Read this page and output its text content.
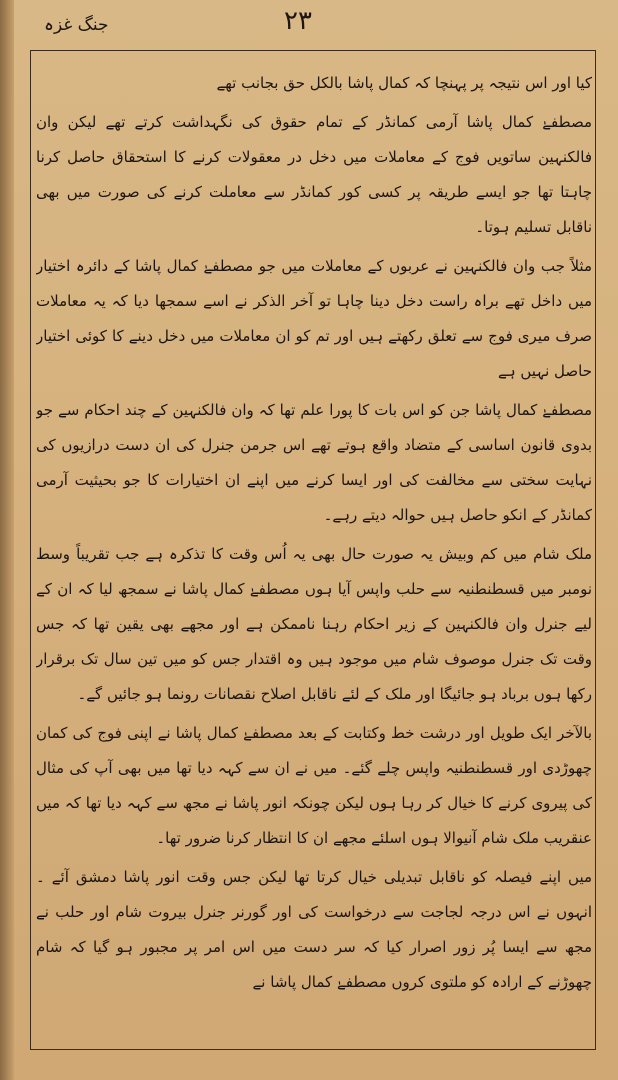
جنگ غزہ	۲۳

کیا اور اس نتیجہ پر پہنچا کہ کمال پاشا بالکل حق بجانب تھے

مصطفےٰ کمال پاشا آرمی کمانڈر کے تمام حقوق کی نگہداشت کرتے تھے لیکن وان فالکنہین ساتویں فوج کے معاملات میں دخل در معقولات کرنے کا استحقاق حاصل کرنا چاہتا تھا جو ایسے طریقہ پر کسی کور کمانڈر سے معاملت کرنے کی صورت میں بھی ناقابل تسلیم ہوتا۔

مثلاً جب وان فالکنہین نے عربوں کے معاملات میں جو مصطفےٰ کمال پاشا کے دائرہ اختیار میں داخل تھے براہ راست دخل دینا چاہا تو آخر الذکر نے اسے سمجھا دیا کہ یہ معاملات صرف میری فوج سے تعلق رکھتے ہیں اور تم کو ان معاملات میں دخل دینے کا کوئی اختیار حاصل نہیں ہے

مصطفےٰ کمال پاشا جن کو اس بات کا پورا علم تھا کہ وان فالکنہین کے چند احکام سے جو بدوی قانون اساسی کے متضاد واقع ہوتے تھے اس جرمن جنرل کی ان دست درازیوں کی نہایت سختی سے مخالفت کی اور ایسا کرنے میں اپنے ان اختیارات کا جو بحیثیت آرمی کمانڈر کے انکو حاصل ہیں حوالہ دیتے رہے۔

ملک شام میں کم وبیش یہ صورت حال بھی یہ اُس وقت کا تذکرہ ہے جب تقریباً وسط نومبر میں قسطنطنیہ سے حلب واپس آیا ہوں مصطفےٰ کمال پاشا نے سمجھ لیا کہ ان کے لیے جنرل وان فالکنہین کے زیر احکام رہنا ناممکن ہے اور مجھے بھی یقین تھا کہ جس وقت تک جنرل موصوف شام میں موجود ہیں وہ اقتدار جس کو میں تین سال تک برقرار رکھا ہوں برباد ہو جائیگا اور ملک کے لئے ناقابل اصلاح نقصانات رونما ہو جائیں گے۔

بالآخر ایک طویل اور درشت خط وکتابت کے بعد مصطفےٰ کمال پاشا نے اپنی فوج کی کمان چھوڑدی اور قسطنطنیہ واپس چلے گئے۔ میں نے ان سے کہہ دیا تھا میں بھی آپ کی مثال کی پیروی کرنے کا خیال کر رہا ہوں لیکن چونکہ انور پاشا نے مجھ سے کہہ دیا تھا کہ میں عنقریب ملک شام آنیوالا ہوں اسلئے مجھے ان کا انتظار کرنا ضرور تھا۔

میں اپنے فیصلہ کو ناقابل تبدیلی خیال کرتا تھا لیکن جس وقت انور پاشا دمشق آئے ۔ انہوں نے اس درجہ لجاجت سے درخواست کی اور گورنر جنرل بیروت شام اور حلب نے مجھ سے ایسا پُر زور اصرار کیا کہ سر دست میں اس امر پر مجبور ہو گیا کہ شام چھوڑنے کے ارادہ کو ملتوی کروں مصطفےٰ کمال پاشا نے
